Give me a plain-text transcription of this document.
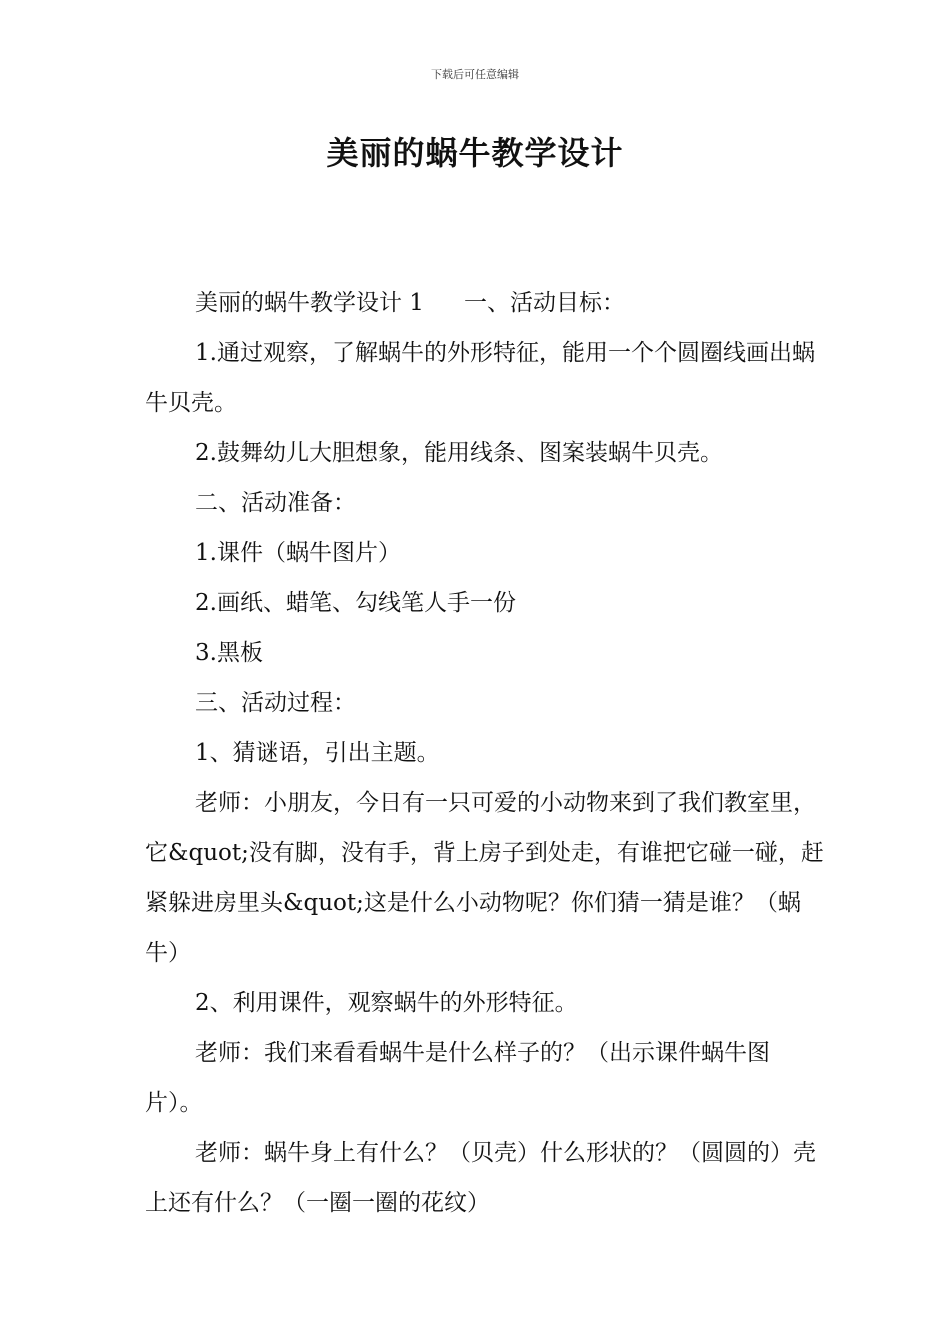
下载后可任意编辑
美丽的蜗牛教学设计

美丽的蜗牛教学设计 1 一、活动目标：

1.通过观察，了解蜗牛的外形特征，能用一个个圆圈线画出蜗牛贝壳。

2.鼓舞幼儿大胆想象，能用线条、图案装蜗牛贝壳。

二、活动准备：

1.课件（蜗牛图片）

2.画纸、蜡笔、勾线笔人手一份

3.黑板

三、活动过程：

1、猜谜语，引出主题。

老师：小朋友，今日有一只可爱的小动物来到了我们教室里，它&quot;没有脚，没有手，背上房子到处走，有谁把它碰一碰，赶紧躲进房里头&quot;这是什么小动物呢？你们猜一猜是谁？（蜗牛）

2、利用课件，观察蜗牛的外形特征。

老师：我们来看看蜗牛是什么样子的？（出示课件蜗牛图片）。

老师：蜗牛身上有什么？（贝壳）什么形状的？（圆圆的）壳上还有什么？（一圈一圈的花纹）
